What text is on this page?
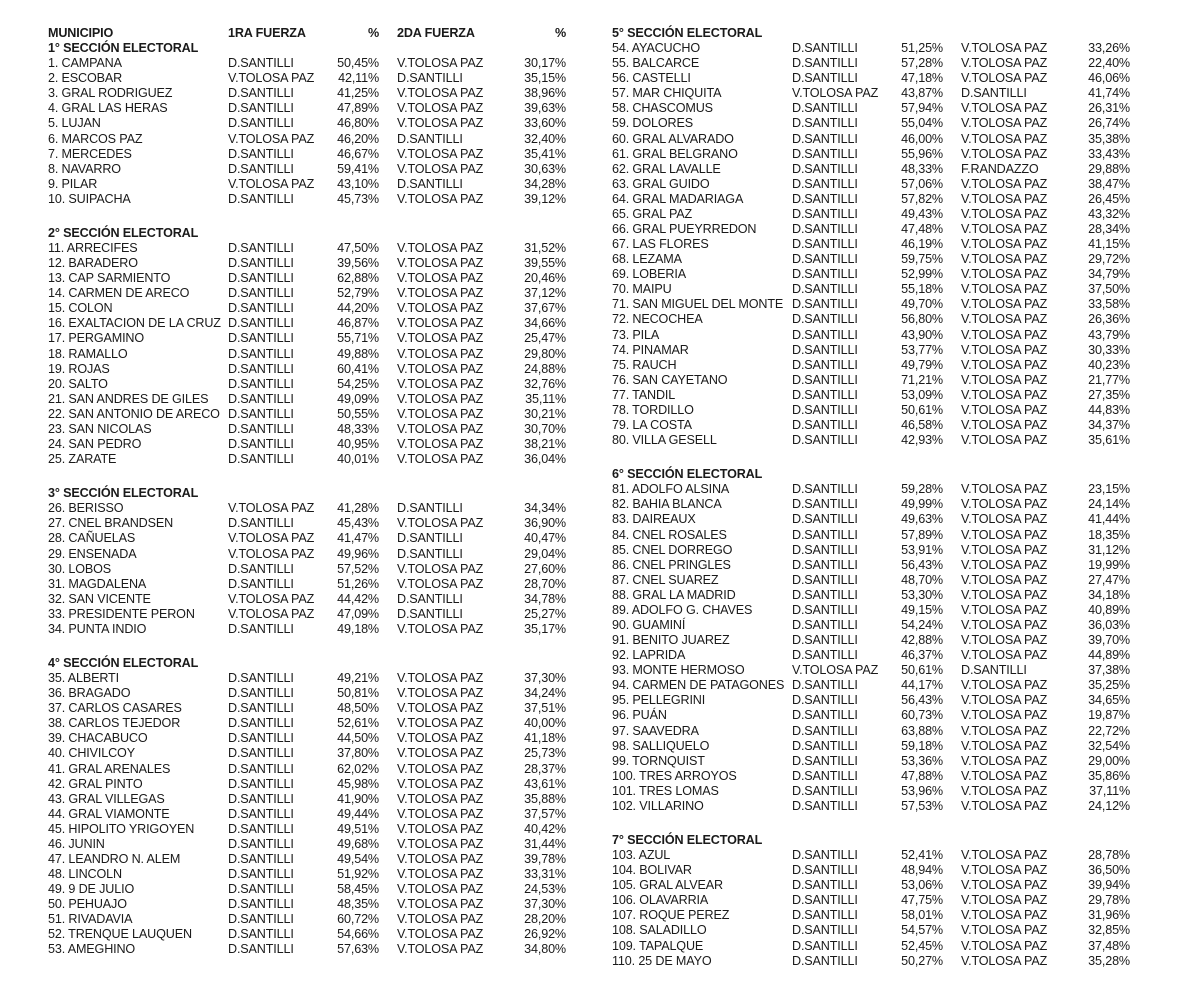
MUNICIPIO	1RA FUERZA	% 2DA FUERZA	%
1° SECCIÓN ELECTORAL
1. CAMPANA	D.SANTILLI	50,45% V.TOLOSA PAZ	30,17%
2. ESCOBAR	V.TOLOSA PAZ 42,11% D.SANTILLI	35,15%
3. GRAL RODRIGUEZ	D.SANTILLI	41,25% V.TOLOSA PAZ	38,96%
4. GRAL LAS HERAS	D.SANTILLI	47,89% V.TOLOSA PAZ	39,63%
5. LUJAN	D.SANTILLI	46,80% V.TOLOSA PAZ	33,60%
6. MARCOS PAZ	V.TOLOSA PAZ 46,20% D.SANTILLI	32,40%
7. MERCEDES	D.SANTILLI	46,67% V.TOLOSA PAZ	35,41%
8. NAVARRO	D.SANTILLI	59,41% V.TOLOSA PAZ	30,63%
9. PILAR	V.TOLOSA PAZ 43,10% D.SANTILLI	34,28%
10. SUIPACHA	D.SANTILLI	45,73% V.TOLOSA PAZ	39,12%
2° SECCIÓN ELECTORAL
11. ARRECIFES	D.SANTILLI	47,50% V.TOLOSA PAZ	31,52%
12. BARADERO	D.SANTILLI	39,56% V.TOLOSA PAZ	39,55%
13. CAP SARMIENTO	D.SANTILLI	62,88% V.TOLOSA PAZ	20,46%
14. CARMEN DE ARECO	D.SANTILLI	52,79% V.TOLOSA PAZ	37,12%
15. COLON	D.SANTILLI	44,20% V.TOLOSA PAZ	37,67%
16. EXALTACION DE LA CRUZ D.SANTILLI	46,87% V.TOLOSA PAZ	34,66%
17. PERGAMINO	D.SANTILLI	55,71% V.TOLOSA PAZ	25,47%
18. RAMALLO	D.SANTILLI	49,88% V.TOLOSA PAZ	29,80%
19. ROJAS	D.SANTILLI	60,41% V.TOLOSA PAZ	24,88%
20. SALTO	D.SANTILLI	54,25% V.TOLOSA PAZ	32,76%
21. SAN ANDRES DE GILES D.SANTILLI	49,09% V.TOLOSA PAZ	35,11%
22. SAN ANTONIO DE ARECO D.SANTILLI	50,55% V.TOLOSA PAZ	30,21%
23. SAN NICOLAS	D.SANTILLI	48,33% V.TOLOSA PAZ	30,70%
24. SAN PEDRO	D.SANTILLI	40,95% V.TOLOSA PAZ	38,21%
25. ZARATE	D.SANTILLI	40,01% V.TOLOSA PAZ	36,04%
3° SECCIÓN ELECTORAL
26. BERISSO	V.TOLOSA PAZ 41,28% D.SANTILLI	34,34%
27. CNEL BRANDSEN	D.SANTILLI	45,43% V.TOLOSA PAZ	36,90%
28. CAÑUELAS	V.TOLOSA PAZ 41,47% D.SANTILLI	40,47%
29. ENSENADA	V.TOLOSA PAZ 49,96% D.SANTILLI	29,04%
30. LOBOS	D.SANTILLI	57,52% V.TOLOSA PAZ	27,60%
31. MAGDALENA	D.SANTILLI	51,26% V.TOLOSA PAZ	28,70%
32. SAN VICENTE	V.TOLOSA PAZ 44,42% D.SANTILLI	34,78%
33. PRESIDENTE PERON	V.TOLOSA PAZ 47,09% D.SANTILLI	25,27%
34. PUNTA INDIO	D.SANTILLI	49,18% V.TOLOSA PAZ	35,17%
4° SECCIÓN ELECTORAL
35. ALBERTI	D.SANTILLI	49,21% V.TOLOSA PAZ	37,30%
36. BRAGADO	D.SANTILLI	50,81% V.TOLOSA PAZ	34,24%
37. CARLOS CASARES	D.SANTILLI	48,50% V.TOLOSA PAZ	37,51%
38. CARLOS TEJEDOR	D.SANTILLI	52,61% V.TOLOSA PAZ	40,00%
39. CHACABUCO	D.SANTILLI	44,50% V.TOLOSA PAZ	41,18%
40. CHIVILCOY	D.SANTILLI	37,80% V.TOLOSA PAZ	25,73%
41. GRAL ARENALES	D.SANTILLI	62,02% V.TOLOSA PAZ	28,37%
42. GRAL PINTO	D.SANTILLI	45,98% V.TOLOSA PAZ	43,61%
43. GRAL VILLEGAS	D.SANTILLI	41,90% V.TOLOSA PAZ	35,88%
44. GRAL VIAMONTE	D.SANTILLI	49,44% V.TOLOSA PAZ	37,57%
45. HIPOLITO YRIGOYEN	D.SANTILLI	49,51% V.TOLOSA PAZ	40,42%
46. JUNIN	D.SANTILLI	49,68% V.TOLOSA PAZ	31,44%
47. LEANDRO N. ALEM	D.SANTILLI	49,54% V.TOLOSA PAZ	39,78%
48. LINCOLN	D.SANTILLI	51,92% V.TOLOSA PAZ	33,31%
49. 9 DE JULIO	D.SANTILLI	58,45% V.TOLOSA PAZ	24,53%
50. PEHUAJO	D.SANTILLI	48,35% V.TOLOSA PAZ	37,30%
51. RIVADAVIA	D.SANTILLI	60,72% V.TOLOSA PAZ	28,20%
52. TRENQUE LAUQUEN	D.SANTILLI	54,66% V.TOLOSA PAZ	26,92%
53. AMEGHINO	D.SANTILLI	57,63% V.TOLOSA PAZ	34,80%
5° SECCIÓN ELECTORAL
54. AYACUCHO	D.SANTILLI	51,25% V.TOLOSA PAZ	33,26%
55. BALCARCE	D.SANTILLI	57,28% V.TOLOSA PAZ	22,40%
56. CASTELLI	D.SANTILLI	47,18% V.TOLOSA PAZ	46,06%
57. MAR CHIQUITA	V.TOLOSA PAZ 43,87% D.SANTILLI	41,74%
58. CHASCOMUS	D.SANTILLI	57,94% V.TOLOSA PAZ	26,31%
59. DOLORES	D.SANTILLI	55,04% V.TOLOSA PAZ	26,74%
60. GRAL ALVARADO	D.SANTILLI	46,00% V.TOLOSA PAZ	35,38%
61. GRAL BELGRANO	D.SANTILLI	55,96% V.TOLOSA PAZ	33,43%
62. GRAL LAVALLE	D.SANTILLI	48,33% F.RANDAZZO	29,88%
63. GRAL GUIDO	D.SANTILLI	57,06% V.TOLOSA PAZ	38,47%
64. GRAL MADARIAGA	D.SANTILLI	57,82% V.TOLOSA PAZ	26,45%
65. GRAL PAZ	D.SANTILLI	49,43% V.TOLOSA PAZ	43,32%
66. GRAL PUEYRREDON	D.SANTILLI	47,48% V.TOLOSA PAZ	28,34%
67. LAS FLORES	D.SANTILLI	46,19% V.TOLOSA PAZ	41,15%
68. LEZAMA	D.SANTILLI	59,75% V.TOLOSA PAZ	29,72%
69. LOBERIA	D.SANTILLI	52,99% V.TOLOSA PAZ	34,79%
70. MAIPU	D.SANTILLI	55,18% V.TOLOSA PAZ	37,50%
71. SAN MIGUEL DEL MONTE D.SANTILLI	49,70% V.TOLOSA PAZ	33,58%
72. NECOCHEA	D.SANTILLI	56,80% V.TOLOSA PAZ	26,36%
73. PILA	D.SANTILLI	43,90% V.TOLOSA PAZ	43,79%
74. PINAMAR	D.SANTILLI	53,77% V.TOLOSA PAZ	30,33%
75. RAUCH	D.SANTILLI	49,79% V.TOLOSA PAZ	40,23%
76. SAN CAYETANO	D.SANTILLI	71,21% V.TOLOSA PAZ	21,77%
77. TANDIL	D.SANTILLI	53,09% V.TOLOSA PAZ	27,35%
78. TORDILLO	D.SANTILLI	50,61% V.TOLOSA PAZ	44,83%
79. LA COSTA	D.SANTILLI	46,58% V.TOLOSA PAZ	34,37%
80. VILLA GESELL	D.SANTILLI	42,93% V.TOLOSA PAZ	35,61%
6° SECCIÓN ELECTORAL
81. ADOLFO ALSINA	D.SANTILLI	59,28% V.TOLOSA PAZ	23,15%
82. BAHIA BLANCA	D.SANTILLI	49,99% V.TOLOSA PAZ	24,14%
83. DAIREAUX	D.SANTILLI	49,63% V.TOLOSA PAZ	41,44%
84. CNEL ROSALES	D.SANTILLI	57,89% V.TOLOSA PAZ	18,35%
85. CNEL DORREGO	D.SANTILLI	53,91% V.TOLOSA PAZ	31,12%
86. CNEL PRINGLES	D.SANTILLI	56,43% V.TOLOSA PAZ	19,99%
87. CNEL SUAREZ	D.SANTILLI	48,70% V.TOLOSA PAZ	27,47%
88. GRAL LA MADRID	D.SANTILLI	53,30% V.TOLOSA PAZ	34,18%
89. ADOLFO G. CHAVES	D.SANTILLI	49,15% V.TOLOSA PAZ	40,89%
90. GUAMINÍ	D.SANTILLI	54,24% V.TOLOSA PAZ	36,03%
91. BENITO JUAREZ	D.SANTILLI	42,88% V.TOLOSA PAZ	39,70%
92. LAPRIDA	D.SANTILLI	46,37% V.TOLOSA PAZ	44,89%
93. MONTE HERMOSO	V.TOLOSA PAZ 50,61% D.SANTILLI	37,38%
94. CARMEN DE PATAGONES D.SANTILLI	44,17% V.TOLOSA PAZ	35,25%
95. PELLEGRINI	D.SANTILLI	56,43% V.TOLOSA PAZ	34,65%
96. PUÁN	D.SANTILLI	60,73% V.TOLOSA PAZ	19,87%
97. SAAVEDRA	D.SANTILLI	63,88% V.TOLOSA PAZ	22,72%
98. SALLIQUELO	D.SANTILLI	59,18% V.TOLOSA PAZ	32,54%
99. TORNQUIST	D.SANTILLI	53,36% V.TOLOSA PAZ	29,00%
100. TRES ARROYOS	D.SANTILLI	47,88% V.TOLOSA PAZ	35,86%
101. TRES LOMAS	D.SANTILLI	53,96% V.TOLOSA PAZ	37,11%
102. VILLARINO	D.SANTILLI	57,53% V.TOLOSA PAZ	24,12%
7° SECCIÓN ELECTORAL
103. AZUL	D.SANTILLI	52,41% V.TOLOSA PAZ	28,78%
104. BOLIVAR	D.SANTILLI	48,94% V.TOLOSA PAZ	36,50%
105. GRAL ALVEAR	D.SANTILLI	53,06% V.TOLOSA PAZ	39,94%
106. OLAVARRIA	D.SANTILLI	47,75% V.TOLOSA PAZ	29,78%
107. ROQUE PEREZ	D.SANTILLI	58,01% V.TOLOSA PAZ	31,96%
108. SALADILLO	D.SANTILLI	54,57% V.TOLOSA PAZ	32,85%
109. TAPALQUE	D.SANTILLI	52,45% V.TOLOSA PAZ	37,48%
110. 25 DE MAYO	D.SANTILLI	50,27% V.TOLOSA PAZ	35,28%
